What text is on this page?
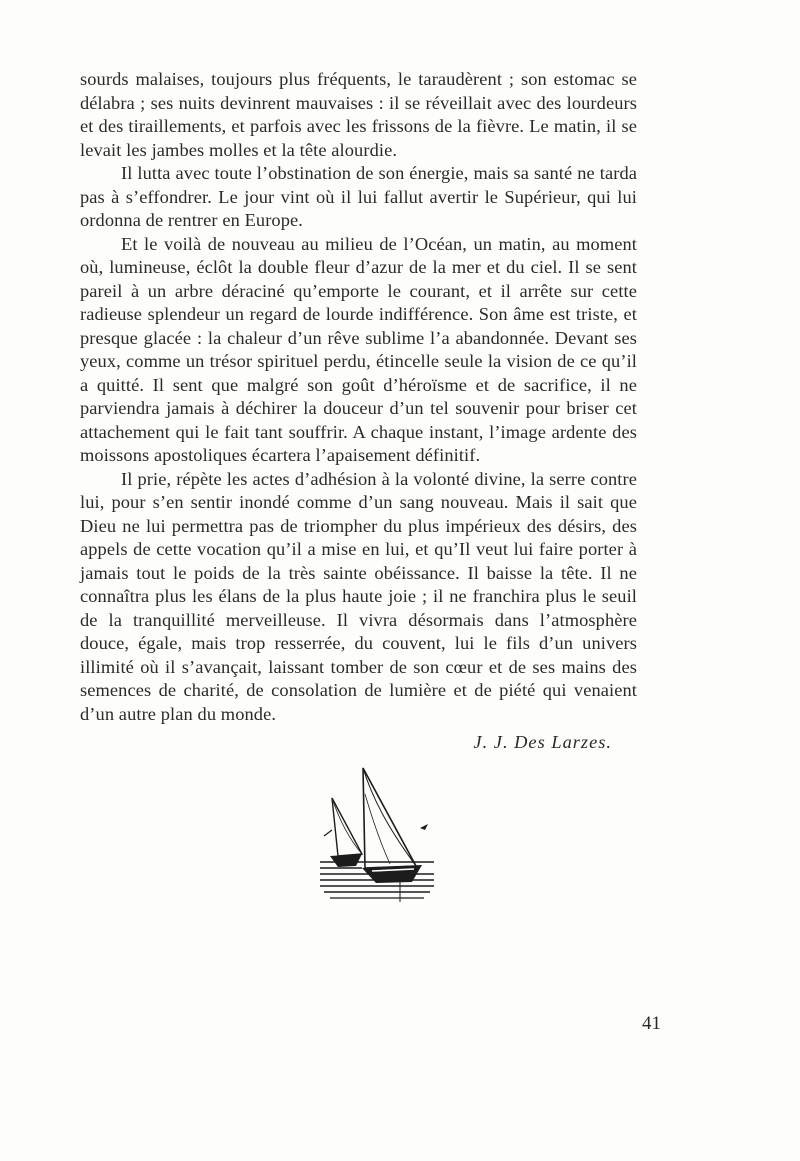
sourds malaises, toujours plus fréquents, le taraudèrent ; son estomac se délabra ; ses nuits devinrent mauvaises : il se réveillait avec des lourdeurs et des tiraillements, et parfois avec les frissons de la fièvre. Le matin, il se levait les jambes molles et la tête alourdie.

Il lutta avec toute l’obstination de son énergie, mais sa santé ne tarda pas à s’effondrer. Le jour vint où il lui fallut avertir le Supérieur, qui lui ordonna de rentrer en Europe.

Et le voilà de nouveau au milieu de l’Océan, un matin, au moment où, lumineuse, éclôt la double fleur d’azur de la mer et du ciel. Il se sent pareil à un arbre déraciné qu’emporte le courant, et il arrête sur cette radieuse splendeur un regard de lourde indifférence. Son âme est triste, et presque glacée : la chaleur d’un rêve sublime l’a abandonnée. Devant ses yeux, comme un trésor spirituel perdu, étincelle seule la vision de ce qu’il a quitté. Il sent que malgré son goût d’héroïsme et de sacrifice, il ne parviendra jamais à déchirer la douceur d’un tel souvenir pour briser cet attachement qui le fait tant souffrir. A chaque instant, l’image ardente des moissons apostoliques écartera l’apaisement définitif.

Il prie, répète les actes d’adhésion à la volonté divine, la serre contre lui, pour s’en sentir inondé comme d’un sang nouveau. Mais il sait que Dieu ne lui permettra pas de triompher du plus impérieux des désirs, des appels de cette vocation qu’il a mise en lui, et qu’Il veut lui faire porter à jamais tout le poids de la très sainte obéissance. Il baisse la tête. Il ne connaîtra plus les élans de la plus haute joie ; il ne franchira plus le seuil de la tranquillité merveilleuse. Il vivra désormais dans l’atmosphère douce, égale, mais trop resserrée, du couvent, lui le fils d’un univers illimité où il s’avançait, laissant tomber de son cœur et de ses mains des semences de charité, de consolation de lumière et de piété qui venaient d’un autre plan du monde.

J. J. Des Larzes.
41
